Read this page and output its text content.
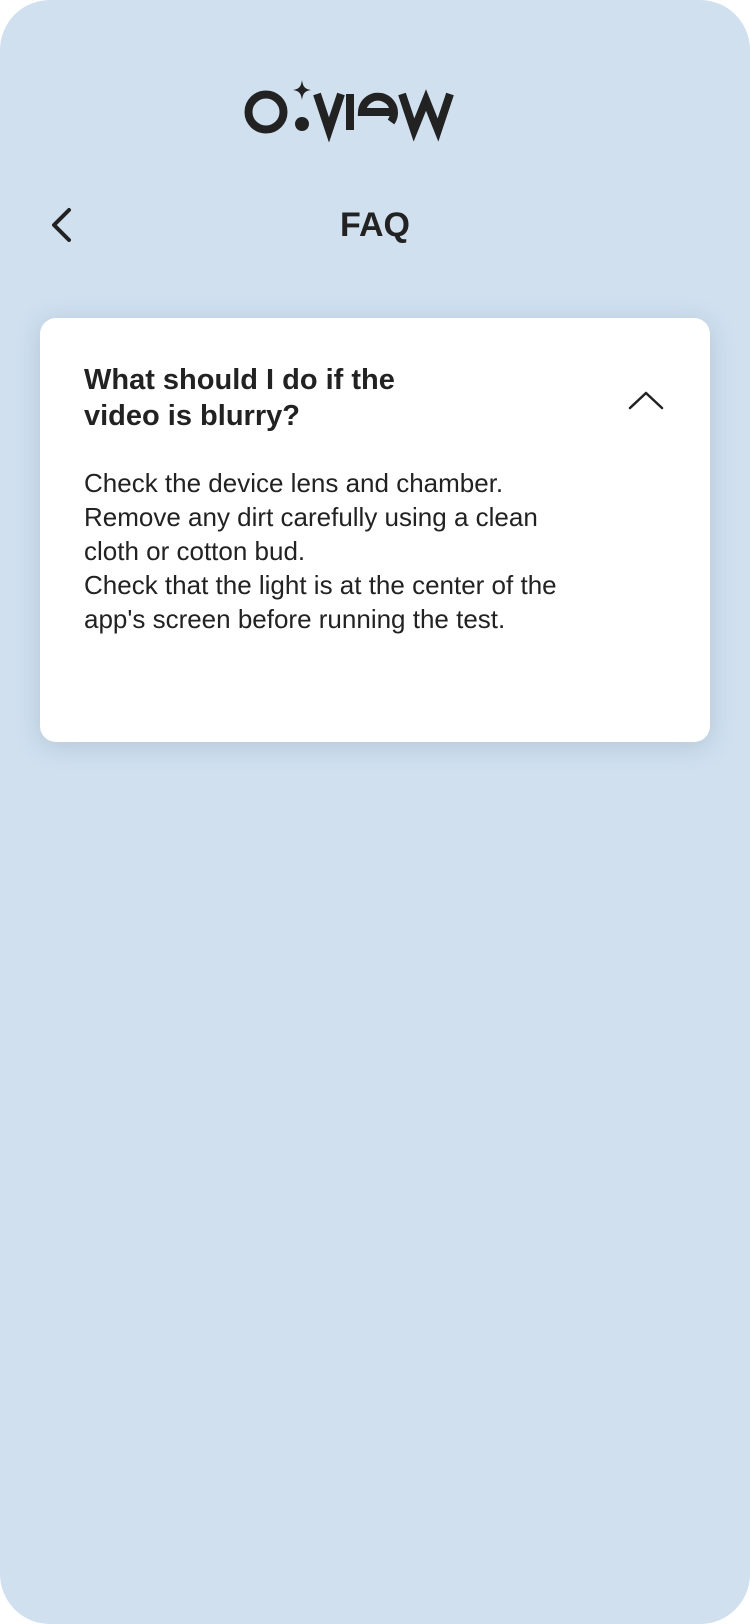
FAQ
What should I do if the video is blurry?

Check the device lens and chamber. Remove any dirt carefully using a clean cloth or cotton bud.

Check that the light is at the center of the app's screen before running the test.
